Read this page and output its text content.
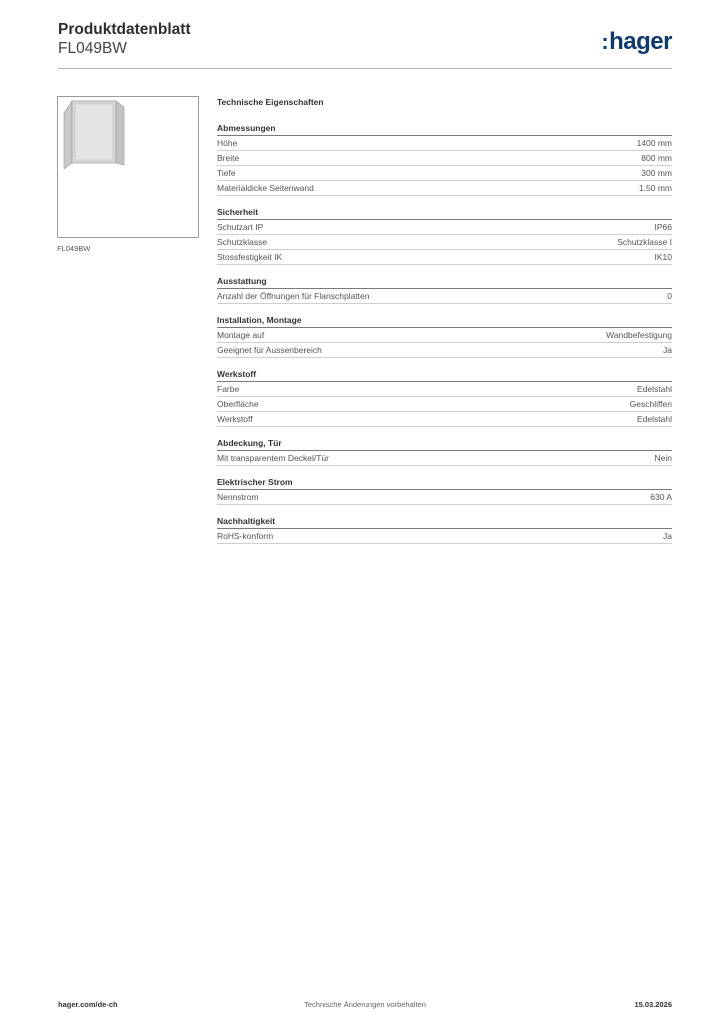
Produktdatenblatt
FL049BW	:hager
FL049BW
Technische Eigenschaften
Abmessungen
Höhe	1400 mm
Breite	800 mm
Tiefe	300 mm
Materialdicke Seitenwand	1.50 mm
Sicherheit
Schutzart IP	IP66
Schutzklasse	Schutzklasse I
Stossfestigkeit IK	IK10
Ausstattung
Anzahl der Öffnungen für Flanschplatten	0
Installation, Montage
Montage auf	Wandbefestigung
Geeignet für Aussenbereich	Ja
Werkstoff
Farbe	Edelstahl
Oberfläche	Geschliffen
Werkstoff	Edelstahl
Abdeckung, Tür
Mit transparentem Deckel/Tür	Nein
Elektrischer Strom
Nennstrom	630 A
Nachhaltigkeit
RoHS-konform	Ja
hager.com/de-ch	Technische Änderungen vorbehalten	15.03.2026
